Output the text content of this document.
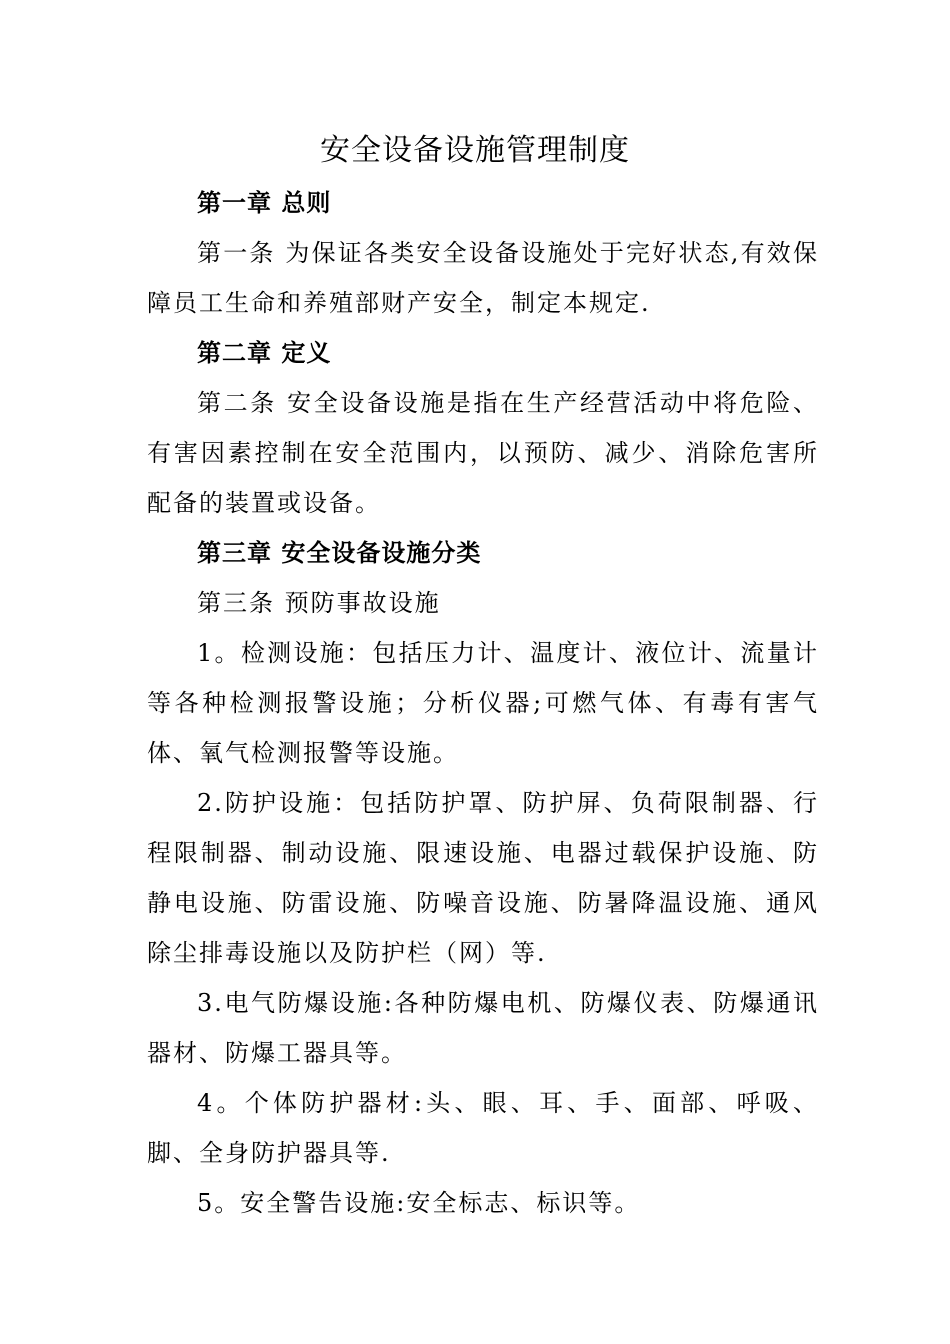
安全设备设施管理制度

第一章 总则

第一条 为保证各类安全设备设施处于完好状态,有效保障员工生命和养殖部财产安全，制定本规定.

第二章 定义

第二条 安全设备设施是指在生产经营活动中将危险、有害因素控制在安全范围内，以预防、减少、消除危害所配备的装置或设备。

第三章 安全设备设施分类

第三条 预防事故设施

1。检测设施：包括压力计、温度计、液位计、流量计等各种检测报警设施；分析仪器;可燃气体、有毒有害气体、氧气检测报警等设施。

2.防护设施：包括防护罩、防护屏、负荷限制器、行程限制器、制动设施、限速设施、电器过载保护设施、防静电设施、防雷设施、防噪音设施、防暑降温设施、通风除尘排毒设施以及防护栏（网）等.

3.电气防爆设施:各种防爆电机、防爆仪表、防爆通讯器材、防爆工器具等。

4。个体防护器材:头、眼、耳、手、面部、呼吸、脚、全身防护器具等.

5。安全警告设施:安全标志、标识等。
